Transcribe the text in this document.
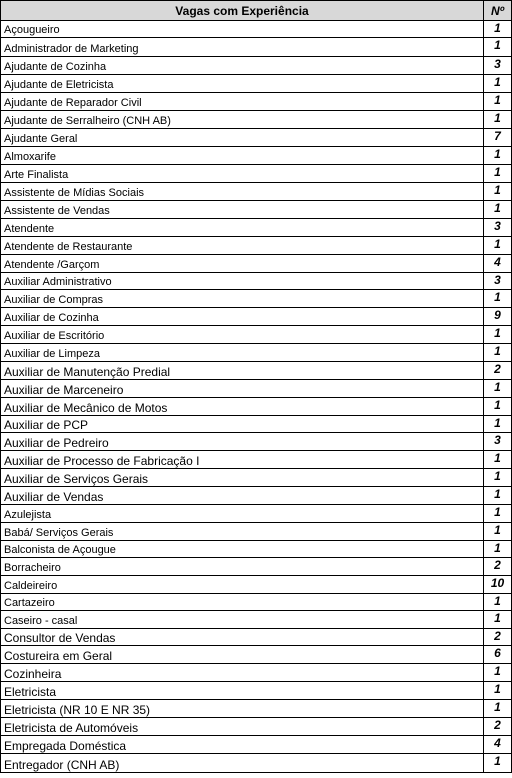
Vagas com Experiência	Nº
Açougueiro	1
Administrador de Marketing	1
Ajudante de Cozinha	3
Ajudante de Eletricista	1
Ajudante de Reparador Civil	1
Ajudante de Serralheiro (CNH AB)	1
Ajudante Geral	7
Almoxarife	1
Arte Finalista	1
Assistente de Mídias Sociais	1
Assistente de Vendas	1
Atendente	3
Atendente de Restaurante	1
Atendente /Garçom	4
Auxiliar Administrativo	3
Auxiliar de Compras	1
Auxiliar de Cozinha	9
Auxiliar de Escritório	1
Auxiliar de Limpeza	1
Auxiliar de Manutenção Predial	2
Auxiliar de Marceneiro	1
Auxiliar de Mecânico de Motos	1
Auxiliar de PCP	1
Auxiliar de Pedreiro	3
Auxiliar de Processo de Fabricação I	1
Auxiliar de Serviços Gerais	1
Auxiliar de Vendas	1
Azulejista	1
Babá/ Serviços Gerais	1
Balconista de Açougue	1
Borracheiro	2
Caldeireiro	10
Cartazeiro	1
Caseiro - casal	1
Consultor de Vendas	2
Costureira em Geral	6
Cozinheira	1
Eletricista	1
Eletricista (NR 10 E NR 35)	1
Eletricista de Automóveis	2
Empregada Doméstica	4
Entregador (CNH AB)	1
